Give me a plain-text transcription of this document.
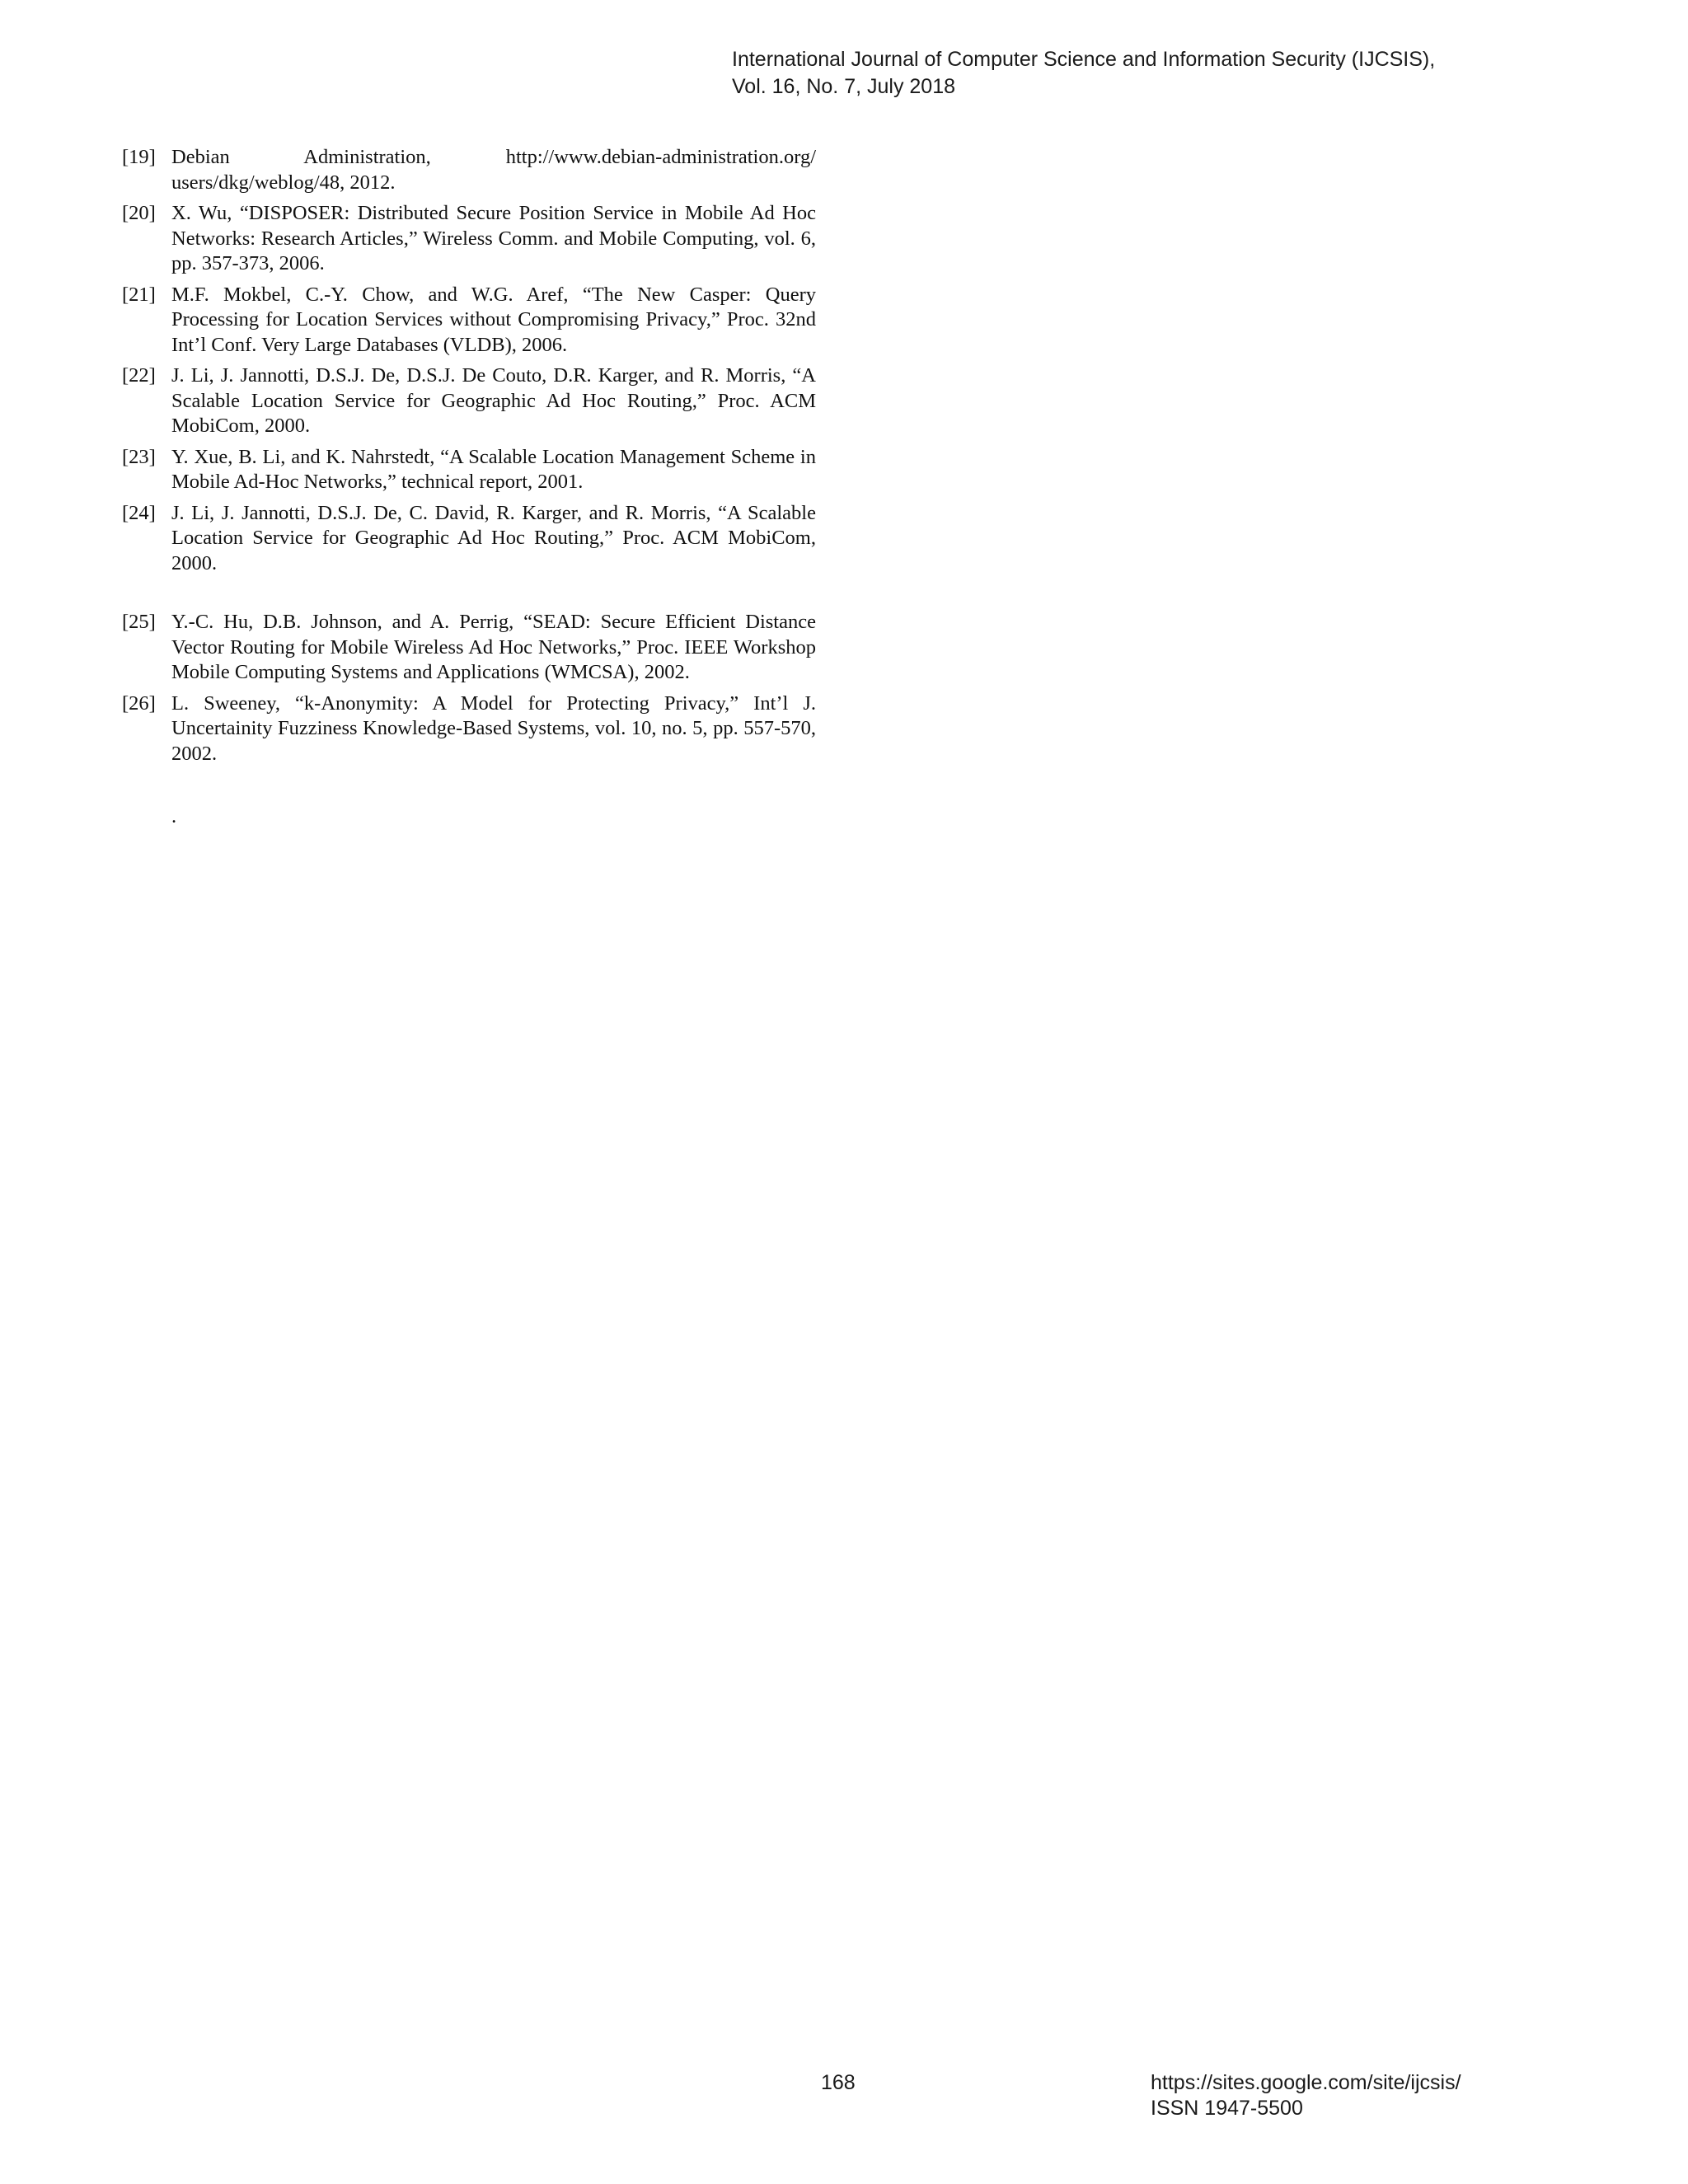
International Journal of Computer Science and Information Security (IJCSIS),
Vol. 16, No. 7, July 2018
[19] Debian Administration, http://www.debian-administration.org/ users/dkg/weblog/48, 2012.
[20] X. Wu, “DISPOSER: Distributed Secure Position Service in Mobile Ad Hoc Networks: Research Articles,” Wireless Comm. and Mobile Computing, vol. 6, pp. 357-373, 2006.
[21] M.F. Mokbel, C.-Y. Chow, and W.G. Aref, “The New Casper: Query Processing for Location Services without Compromising Privacy,” Proc. 32nd Int’l Conf. Very Large Databases (VLDB), 2006.
[22] J. Li, J. Jannotti, D.S.J. De, D.S.J. De Couto, D.R. Karger, and R. Morris, “A Scalable Location Service for Geographic Ad Hoc Routing,” Proc. ACM MobiCom, 2000.
[23] Y. Xue, B. Li, and K. Nahrstedt, “A Scalable Location Management Scheme in Mobile Ad-Hoc Networks,” technical report, 2001.
[24] J. Li, J. Jannotti, D.S.J. De, C. David, R. Karger, and R. Morris, “A Scalable Location Service for Geographic Ad Hoc Routing,” Proc. ACM MobiCom, 2000.
[25] Y.-C. Hu, D.B. Johnson, and A. Perrig, “SEAD: Secure Efficient Distance Vector Routing for Mobile Wireless Ad Hoc Networks,” Proc. IEEE Workshop Mobile Computing Systems and Applications (WMCSA), 2002.
[26] L. Sweeney, “k-Anonymity: A Model for Protecting Privacy,” Int’l J. Uncertainity Fuzziness Knowledge-Based Systems, vol. 10, no. 5, pp. 557-570, 2002.
.
168	https://sites.google.com/site/ijcsis/
ISSN 1947-5500
